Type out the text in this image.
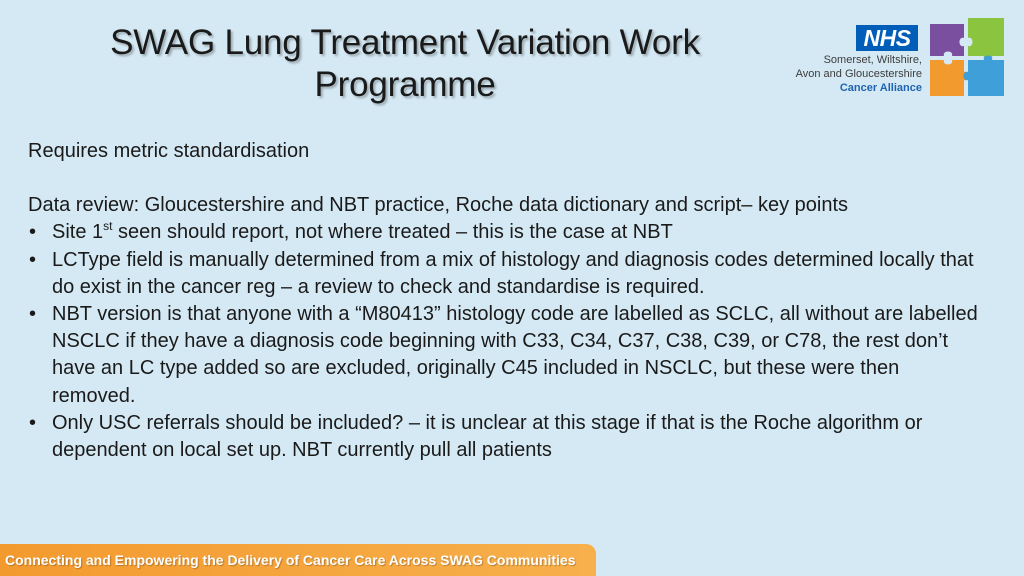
SWAG Lung Treatment Variation Work
Programme
NHS
Somerset, Wiltshire,
Avon and Gloucestershire
Cancer Alliance

Requires metric standardisation

Data review: Gloucestershire and NBT practice, Roche data dictionary and script– key points

• Site 1st seen should report, not where treated – this is the case at NBT
• LCType field is manually determined from a mix of histology and diagnosis codes determined locally that do exist in the cancer reg – a review to check and standardise is required.
• NBT version is that anyone with a “M80413” histology code are labelled as SCLC, all without are labelled NSCLC if they have a diagnosis code beginning with C33, C34, C37, C38, C39, or C78, the rest don’t have an LC type added so are excluded, originally C45 included in NSCLC, but these were then removed.
• Only USC referrals should be included? – it is unclear at this stage if that is the Roche algorithm or dependent on local set up. NBT currently pull all patients
Connecting and Empowering the Delivery of Cancer Care Across SWAG Communities
